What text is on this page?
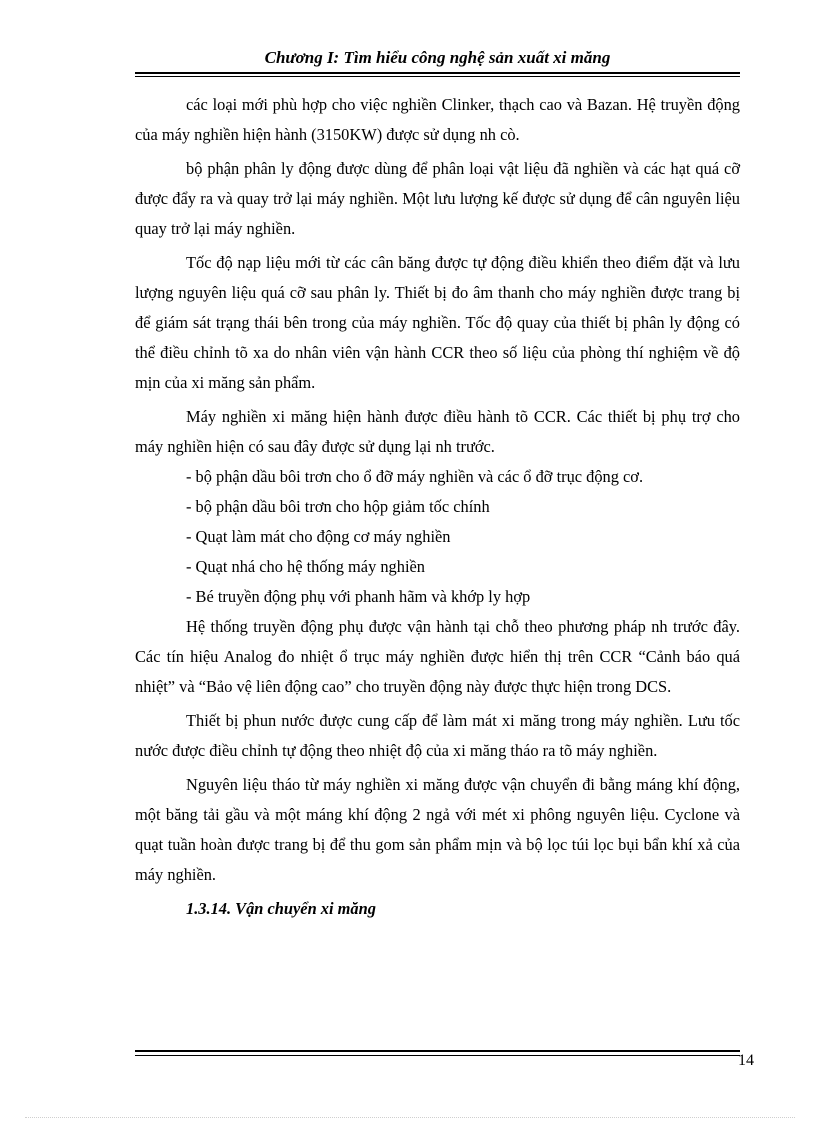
Chương I: Tìm hiểu công nghệ sản xuất xi măng

các loại mới phù hợp cho việc nghiền Clinker, thạch cao và Bazan. Hệ truyền động của máy nghiền hiện hành (3150KW) được sử dụng nh cò.

bộ phận phân ly động được dùng để phân loại vật liệu đã nghiền và các hạt quá cỡ được đẩy ra và quay trở lại máy nghiền. Một lưu lượng kế được sử dụng để cân nguyên liệu quay trở lại máy nghiền.

Tốc độ nạp liệu mới từ các cân băng được tự động điều khiển theo điểm đặt và lưu lượng nguyên liệu quá cỡ sau phân ly. Thiết bị đo âm thanh cho máy nghiền được trang bị để giám sát trạng thái bên trong của máy nghiền. Tốc độ quay của thiết bị phân ly động có thể điều chỉnh tõ xa do nhân viên vận hành CCR theo số liệu của phòng thí nghiệm về độ mịn của xi măng sản phẩm.

Máy nghiền xi măng hiện hành được điều hành tõ CCR. Các thiết bị phụ trợ cho máy nghiền hiện có sau đây được sử dụng lại nh trước.

- bộ phận dầu bôi trơn cho ổ đỡ máy nghiền và các ổ đỡ trục động cơ.

- bộ phận dầu bôi trơn cho hộp giảm tốc chính

- Quạt làm mát cho động cơ máy nghiền

- Quạt nhá cho hệ thống máy nghiền

- Bé truyền động phụ với phanh hãm và khớp ly hợp

Hệ thống truyền động phụ được vận hành tại chỗ theo phương pháp nh trước đây. Các tín hiệu Analog đo nhiệt ổ trục máy nghiền được hiển thị trên CCR “Cảnh báo quá nhiệt” và “Bảo vệ liên động cao” cho truyền động này được thực hiện trong DCS.

Thiết bị phun nước được cung cấp để làm mát xi măng trong máy nghiền. Lưu tốc nước được điều chỉnh tự động theo nhiệt độ của xi măng tháo ra tõ máy nghiền.

Nguyên liệu tháo từ máy nghiền xi măng được vận chuyển đi bằng máng khí động, một băng tải gầu và một máng khí động 2 ngả với mét xi phông nguyên liệu. Cyclone và quạt tuần hoàn được trang bị để thu gom sản phẩm mịn và bộ lọc túi lọc bụi bẩn khí xả của máy nghiền.

1.3.14. Vận chuyển xi măng

14
